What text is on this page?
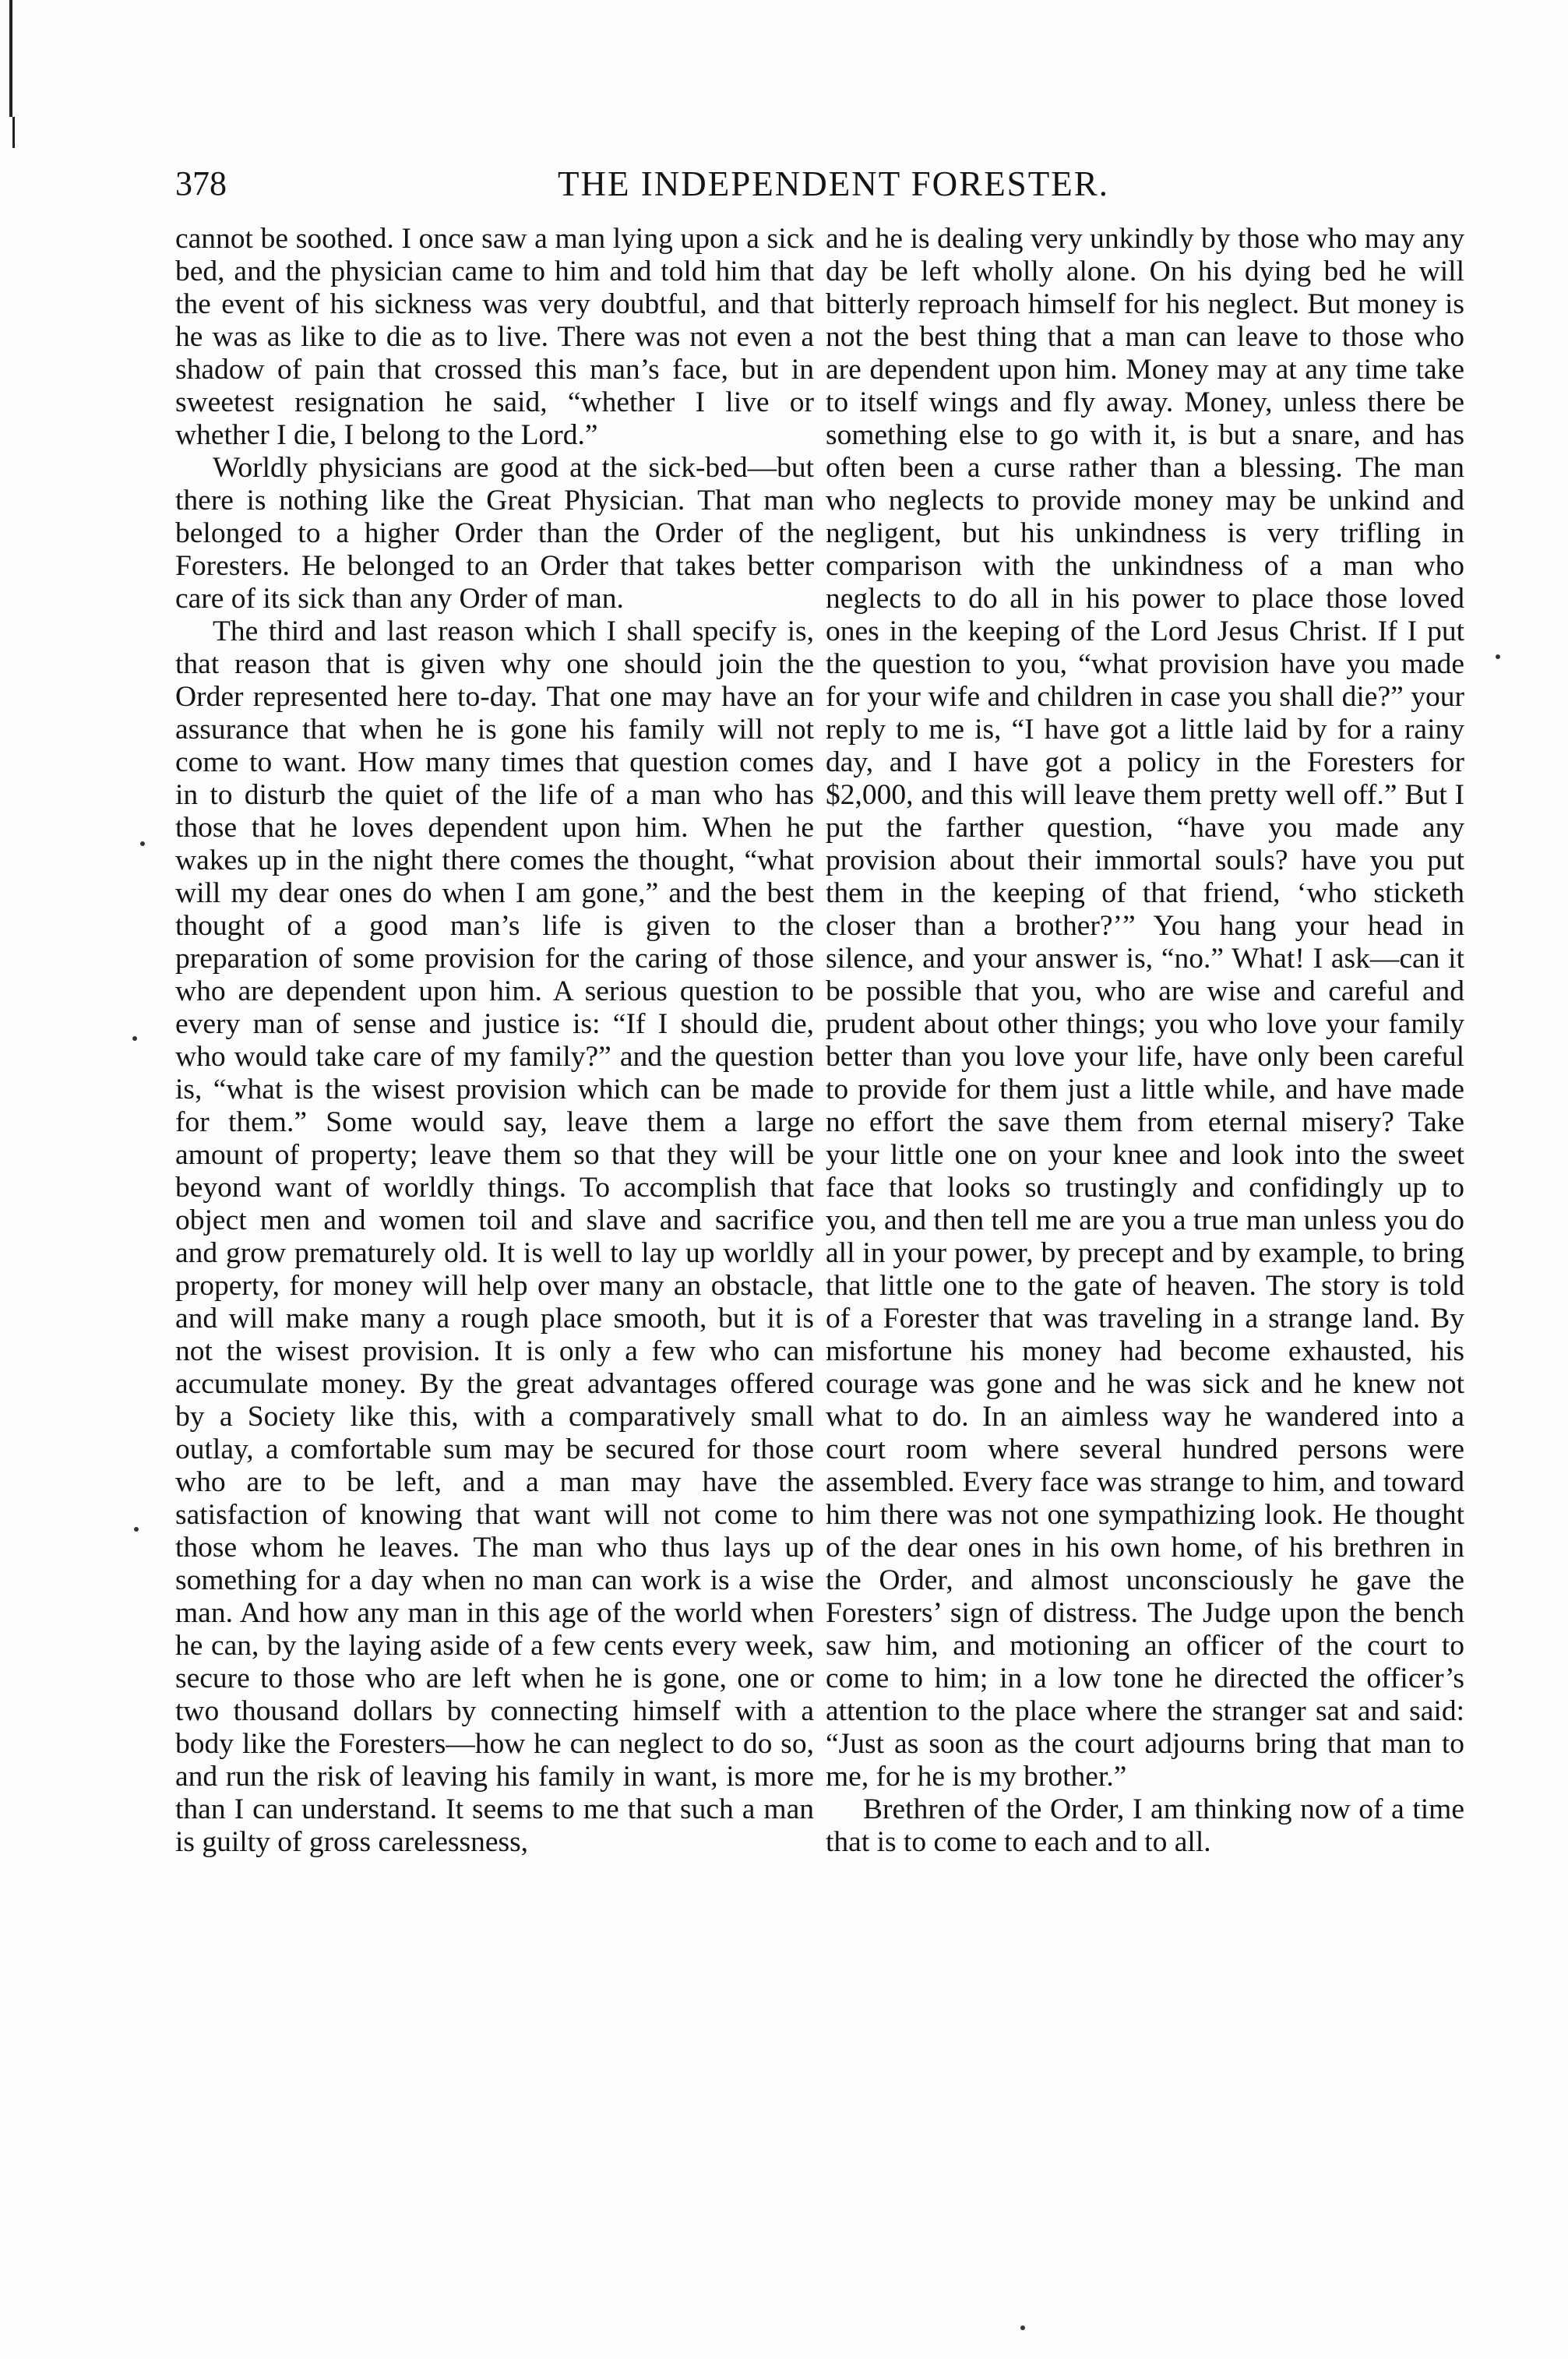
378	THE INDEPENDENT FORESTER.

cannot be soothed. I once saw a man lying upon a sick bed, and the physician came to him and told him that the event of his sickness was very doubtful, and that he was as like to die as to live. There was not even a shadow of pain that crossed this man’s face, but in sweetest resignation he said, “whether I live or whether I die, I belong to the Lord.”

Worldly physicians are good at the sick-bed—but there is nothing like the Great Physician. That man belonged to a higher Order than the Order of the Foresters. He belonged to an Order that takes better care of its sick than any Order of man.

The third and last reason which I shall specify is, that reason that is given why one should join the Order represented here to-day. That one may have an assurance that when he is gone his family will not come to want. How many times that question comes in to disturb the quiet of the life of a man who has those that he loves dependent upon him. When he wakes up in the night there comes the thought, “what will my dear ones do when I am gone,” and the best thought of a good man’s life is given to the preparation of some provision for the caring of those who are dependent upon him. A serious question to every man of sense and justice is: “If I should die, who would take care of my family?” and the question is, “what is the wisest provision which can be made for them.” Some would say, leave them a large amount of property; leave them so that they will be beyond want of worldly things. To accomplish that object men and women toil and slave and sacrifice and grow prematurely old. It is well to lay up worldly property, for money will help over many an obstacle, and will make many a rough place smooth, but it is not the wisest provision. It is only a few who can accumulate money. By the great advantages offered by a Society like this, with a comparatively small outlay, a comfortable sum may be secured for those who are to be left, and a man may have the satisfaction of knowing that want will not come to those whom he leaves. The man who thus lays up something for a day when no man can work is a wise man. And how any man in this age of the world when he can, by the laying aside of a few cents every week, secure to those who are left when he is gone, one or two thousand dollars by connecting himself with a body like the Foresters—how he can neglect to do so, and run the risk of leaving his family in want, is more than I can understand. It seems to me that such a man is guilty of gross carelessness,

and he is dealing very unkindly by those who may any day be left wholly alone. On his dying bed he will bitterly reproach himself for his neglect. But money is not the best thing that a man can leave to those who are dependent upon him. Money may at any time take to itself wings and fly away. Money, unless there be something else to go with it, is but a snare, and has often been a curse rather than a blessing. The man who neglects to provide money may be unkind and negligent, but his unkindness is very trifling in comparison with the unkindness of a man who neglects to do all in his power to place those loved ones in the keeping of the Lord Jesus Christ. If I put the question to you, “what provision have you made for your wife and children in case you shall die?” your reply to me is, “I have got a little laid by for a rainy day, and I have got a policy in the Foresters for $2,000, and this will leave them pretty well off.” But I put the farther question, “have you made any provision about their immortal souls? have you put them in the keeping of that friend, ‘who sticketh closer than a brother?’” You hang your head in silence, and your answer is, “no.” What! I ask—can it be possible that you, who are wise and careful and prudent about other things; you who love your family better than you love your life, have only been careful to provide for them just a little while, and have made no effort the save them from eternal misery? Take your little one on your knee and look into the sweet face that looks so trustingly and confidingly up to you, and then tell me are you a true man unless you do all in your power, by precept and by example, to bring that little one to the gate of heaven. The story is told of a Forester that was traveling in a strange land. By misfortune his money had become exhausted, his courage was gone and he was sick and he knew not what to do. In an aimless way he wandered into a court room where several hundred persons were assembled. Every face was strange to him, and toward him there was not one sympathizing look. He thought of the dear ones in his own home, of his brethren in the Order, and almost unconsciously he gave the Foresters’ sign of distress. The Judge upon the bench saw him, and motioning an officer of the court to come to him; in a low tone he directed the officer’s attention to the place where the stranger sat and said: “Just as soon as the court adjourns bring that man to me, for he is my brother.”

Brethren of the Order, I am thinking now of a time that is to come to each and to all.
